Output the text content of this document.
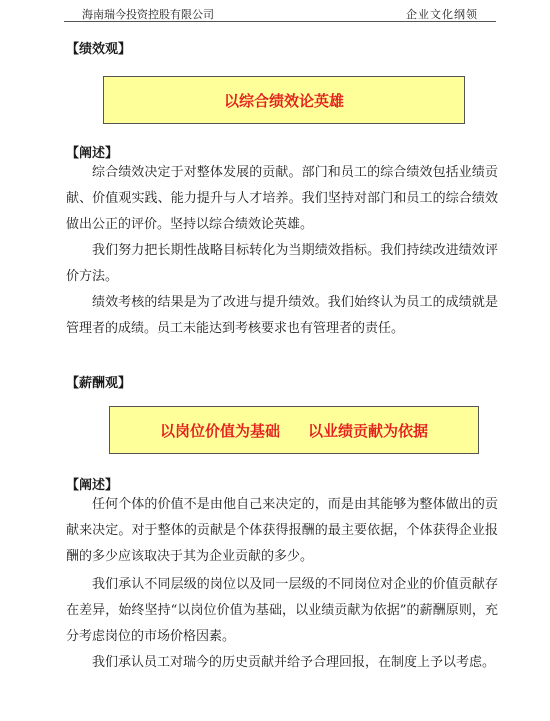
海南瑞今投资控股有限公司	企业文化纲领
【绩效观】
以综合绩效论英雄
【阐述】

综合绩效决定于对整体发展的贡献。部门和员工的综合绩效包括业绩贡献、价值观实践、能力提升与人才培养。我们坚持对部门和员工的综合绩效做出公正的评价。坚持以综合绩效论英雄。

我们努力把长期性战略目标转化为当期绩效指标。我们持续改进绩效评价方法。

绩效考核的结果是为了改进与提升绩效。我们始终认为员工的成绩就是管理者的成绩。员工未能达到考核要求也有管理者的责任。

【薪酬观】
以岗位价值为基础 以业绩贡献为依据
【阐述】

任何个体的价值不是由他自己来决定的，而是由其能够为整体做出的贡献来决定。对于整体的贡献是个体获得报酬的最主要依据，个体获得企业报酬的多少应该取决于其为企业贡献的多少。

我们承认不同层级的岗位以及同一层级的不同岗位对企业的价值贡献存在差异，始终坚持“以岗位价值为基础，以业绩贡献为依据”的薪酬原则，充分考虑岗位的市场价格因素。

我们承认员工对瑞今的历史贡献并给予合理回报，在制度上予以考虑。
